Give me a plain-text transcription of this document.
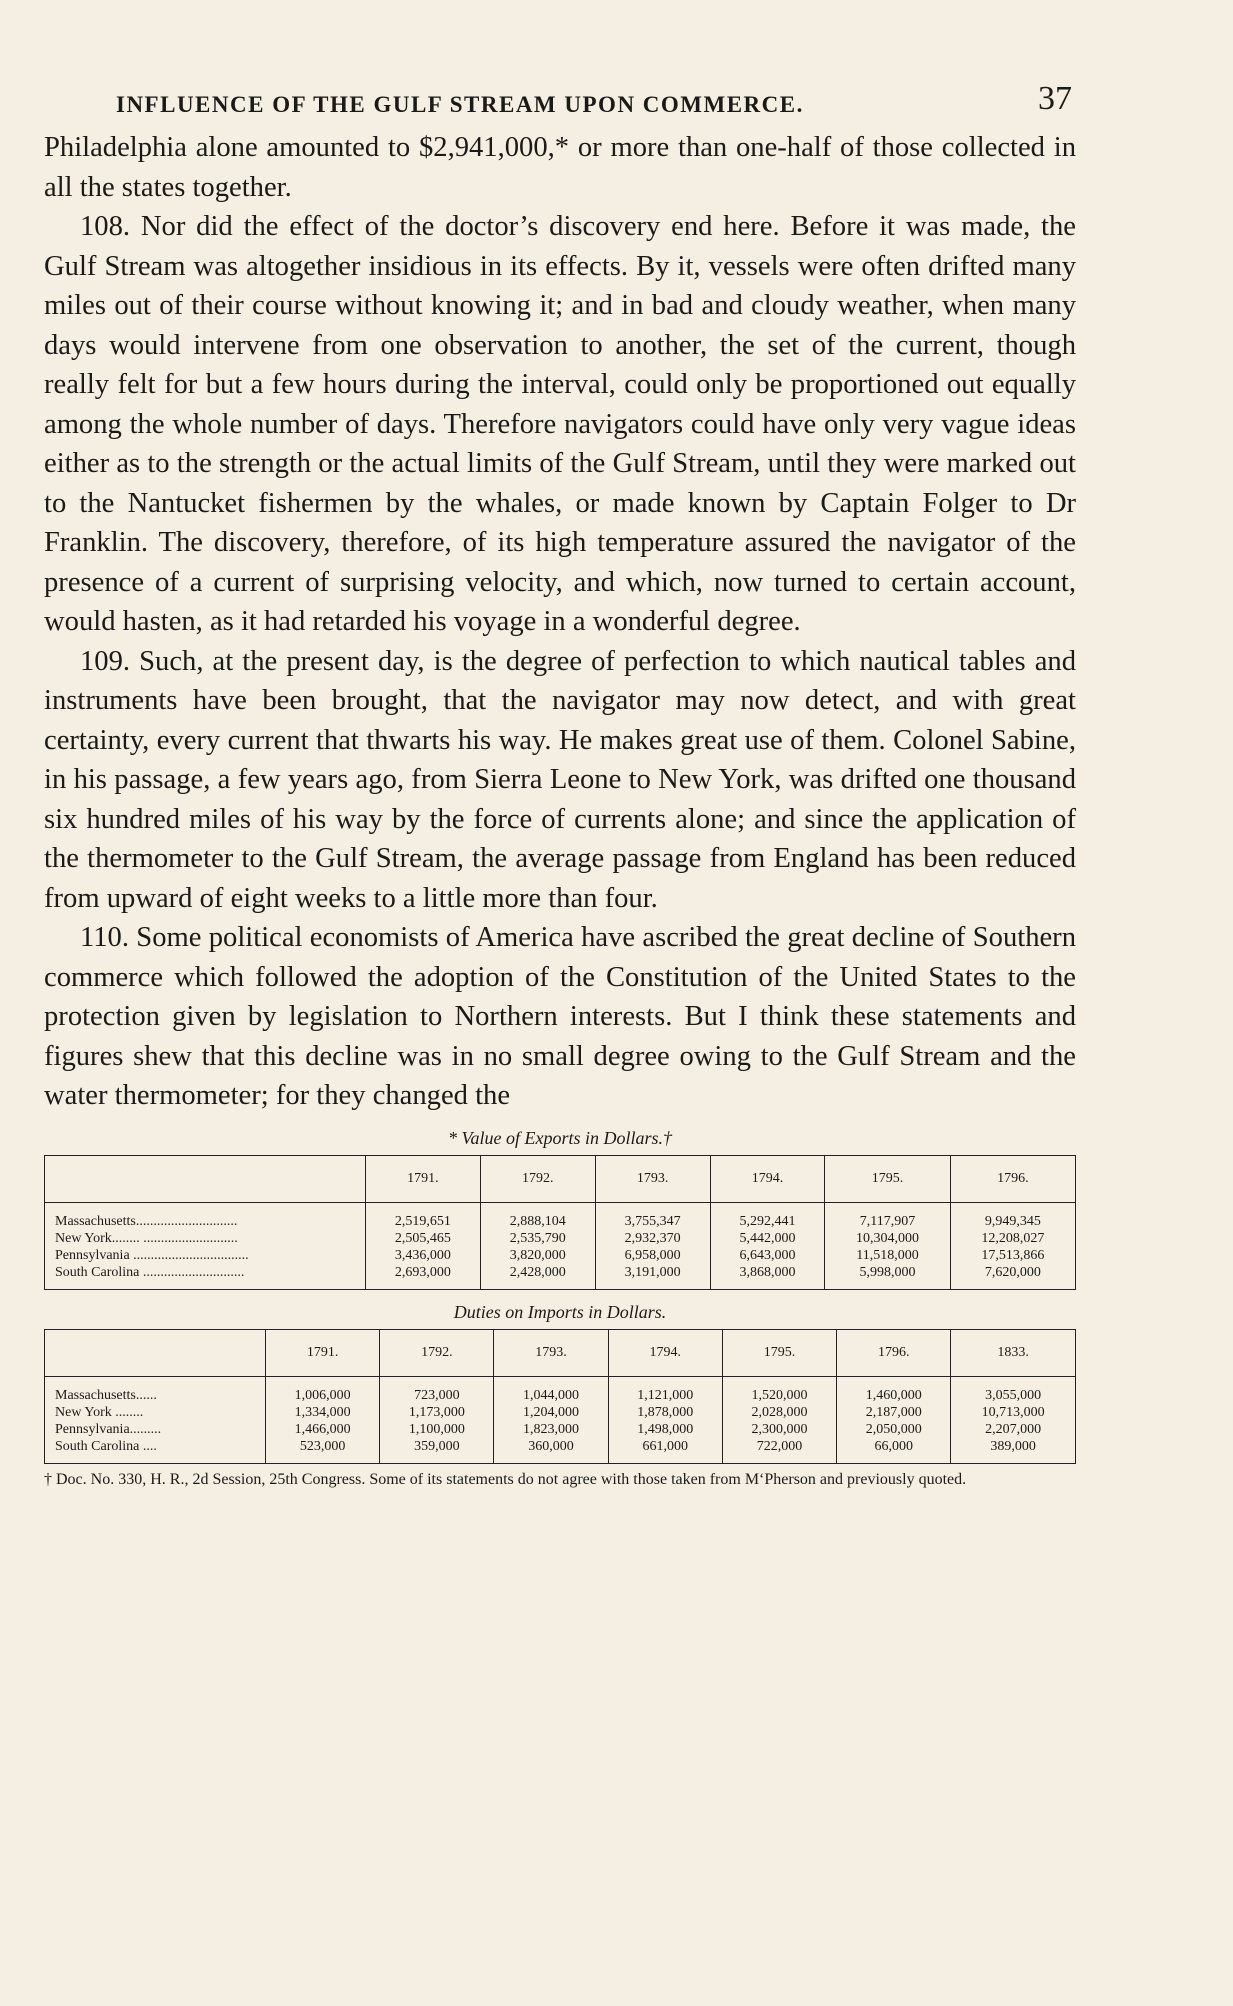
INFLUENCE OF THE GULF STREAM UPON COMMERCE.	37

Philadelphia alone amounted to $2,941,000,* or more than one-half of those collected in all the states together.

108. Nor did the effect of the doctor’s discovery end here. Before it was made, the Gulf Stream was altogether insidious in its effects. By it, vessels were often drifted many miles out of their course without knowing it; and in bad and cloudy weather, when many days would intervene from one observation to another, the set of the current, though really felt for but a few hours during the interval, could only be proportioned out equally among the whole number of days. Therefore navigators could have only very vague ideas either as to the strength or the actual limits of the Gulf Stream, until they were marked out to the Nantucket fishermen by the whales, or made known by Captain Folger to Dr Franklin. The discovery, therefore, of its high temperature assured the navigator of the presence of a current of surprising velocity, and which, now turned to certain account, would hasten, as it had retarded his voyage in a wonderful degree.

109. Such, at the present day, is the degree of perfection to which nautical tables and instruments have been brought, that the navigator may now detect, and with great certainty, every current that thwarts his way. He makes great use of them. Colonel Sabine, in his passage, a few years ago, from Sierra Leone to New York, was drifted one thousand six hundred miles of his way by the force of currents alone; and since the application of the thermometer to the Gulf Stream, the average passage from England has been reduced from upward of eight weeks to a little more than four.

110. Some political economists of America have ascribed the great decline of Southern commerce which followed the adoption of the Constitution of the United States to the protection given by legislation to Northern interests. But I think these statements and figures shew that this decline was in no small degree owing to the Gulf Stream and the water thermometer; for they changed the

* Value of Exports in Dollars.†
	1791.	1792.	1793.	1794.	1795.	1796.
Massachusetts.............................	2,519,651	2,888,104	3,755,347	5,292,441	7,117,907	9,949,345
New York........ ...........................	2,505,465	2,535,790	2,932,370	5,442,000	10,304,000	12,208,027
Pennsylvania .................................	3,436,000	3,820,000	6,958,000	6,643,000	11,518,000	17,513,866
South Carolina .............................	2,693,000	2,428,000	3,191,000	3,868,000	5,998,000	7,620,000
Duties on Imports in Dollars.
	1791.	1792.	1793.	1794.	1795.	1796.	1833.
Massachusetts......	1,006,000	723,000	1,044,000	1,121,000	1,520,000	1,460,000	3,055,000
New York ........	1,334,000	1,173,000	1,204,000	1,878,000	2,028,000	2,187,000	10,713,000
Pennsylvania.........	1,466,000	1,100,000	1,823,000	1,498,000	2,300,000	2,050,000	2,207,000
South Carolina ....	523,000	359,000	360,000	661,000	722,000	66,000	389,000
† Doc. No. 330, H. R., 2d Session, 25th Congress. Some of its statements do not agree with those taken from M‘Pherson and previously quoted.
